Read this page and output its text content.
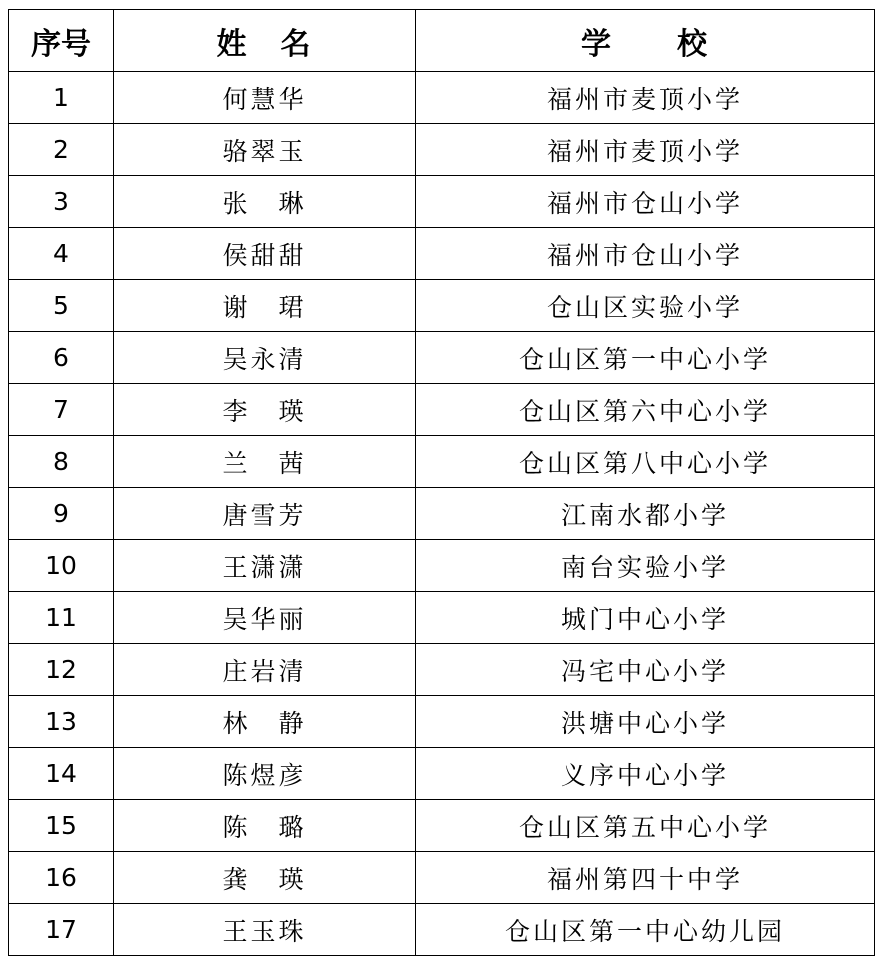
序号	姓　名	学　　校
1	何慧华	福州市麦顶小学
2	骆翠玉	福州市麦顶小学
3	张　琳	福州市仓山小学
4	侯甜甜	福州市仓山小学
5	谢　珺	仓山区实验小学
6	吴永清	仓山区第一中心小学
7	李　瑛	仓山区第六中心小学
8	兰　茜	仓山区第八中心小学
9	唐雪芳	江南水都小学
10	王潇潇	南台实验小学
11	吴华丽	城门中心小学
12	庄岩清	冯宅中心小学
13	林　静	洪塘中心小学
14	陈煜彦	义序中心小学
15	陈　璐	仓山区第五中心小学
16	龚　瑛	福州第四十中学
17	王玉珠	仓山区第一中心幼儿园
